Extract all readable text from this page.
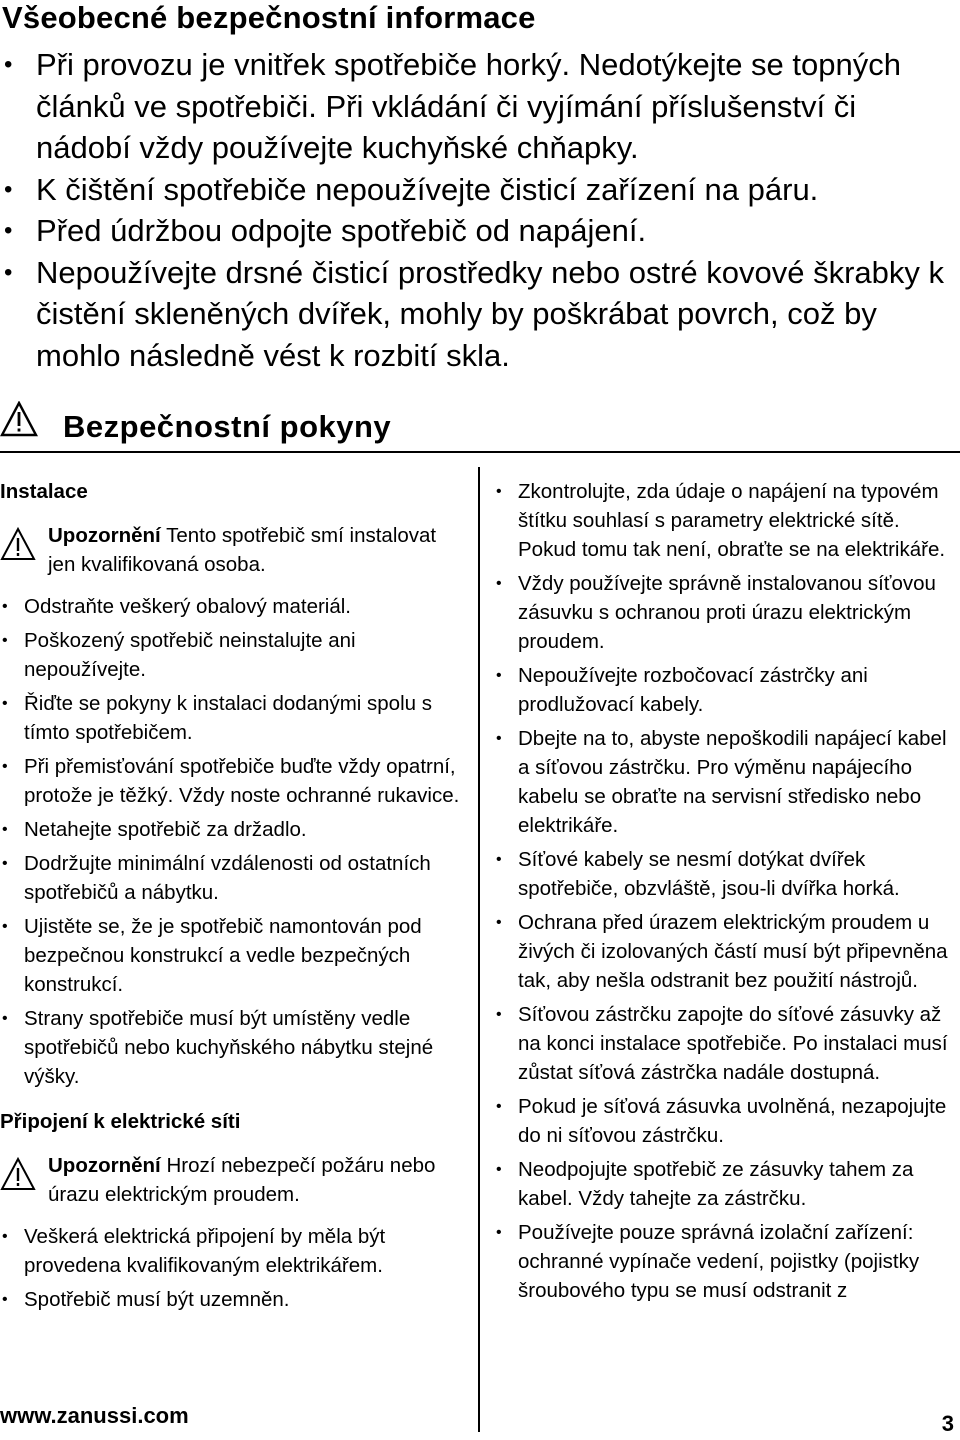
Všeobecné bezpečnostní informace
• Při provozu je vnitřek spotřebiče horký. Nedotýkejte se topných článků ve spotřebiči. Při vkládání či vyjímání příslušenství či nádobí vždy používejte kuchyňské chňapky.
• K čištění spotřebiče nepoužívejte čisticí zařízení na páru.
• Před údržbou odpojte spotřebič od napájení.
• Nepoužívejte drsné čisticí prostředky nebo ostré kovové škrabky k čistění skleněných dvířek, mohly by poškrábat povrch, což by mohlo následně vést k rozbití skla.
Bezpečnostní pokyny
Instalace
Upozornění Tento spotřebič smí instalovat jen kvalifikovaná osoba.
• Odstraňte veškerý obalový materiál.
• Poškozený spotřebič neinstalujte ani nepoužívejte.
• Řiďte se pokyny k instalaci dodanými spolu s tímto spotřebičem.
• Při přemisťování spotřebiče buďte vždy opatrní, protože je těžký. Vždy noste ochranné rukavice.
• Netahejte spotřebič za držadlo.
• Dodržujte minimální vzdálenosti od ostatních spotřebičů a nábytku.
• Ujistěte se, že je spotřebič namontován pod bezpečnou konstrukcí a vedle bezpečných konstrukcí.
• Strany spotřebiče musí být umístěny vedle spotřebičů nebo kuchyňského nábytku stejné výšky.
Připojení k elektrické síti
Upozornění Hrozí nebezpečí požáru nebo úrazu elektrickým proudem.
• Veškerá elektrická připojení by měla být provedena kvalifikovaným elektrikářem.
• Spotřebič musí být uzemněn.
• Zkontrolujte, zda údaje o napájení na typovém štítku souhlasí s parametry elektrické sítě. Pokud tomu tak není, obraťte se na elektrikáře.
• Vždy používejte správně instalovanou síťovou zásuvku s ochranou proti úrazu elektrickým proudem.
• Nepoužívejte rozbočovací zástrčky ani prodlužovací kabely.
• Dbejte na to, abyste nepoškodili napájecí kabel a síťovou zástrčku. Pro výměnu napájecího kabelu se obraťte na servisní středisko nebo elektrikáře.
• Síťové kabely se nesmí dotýkat dvířek spotřebiče, obzvláště, jsou-li dvířka horká.
• Ochrana před úrazem elektrickým proudem u živých či izolovaných částí musí být připevněna tak, aby nešla odstranit bez použití nástrojů.
• Síťovou zástrčku zapojte do síťové zásuvky až na konci instalace spotřebiče. Po instalaci musí zůstat síťová zástrčka nadále dostupná.
• Pokud je síťová zásuvka uvolněná, nezapojujte do ni síťovou zástrčku.
• Neodpojujte spotřebič ze zásuvky tahem za kabel. Vždy tahejte za zástrčku.
• Používejte pouze správná izolační zařízení: ochranné vypínače vedení, pojistky (pojistky šroubového typu se musí odstranit z
www.zanussi.com	3
